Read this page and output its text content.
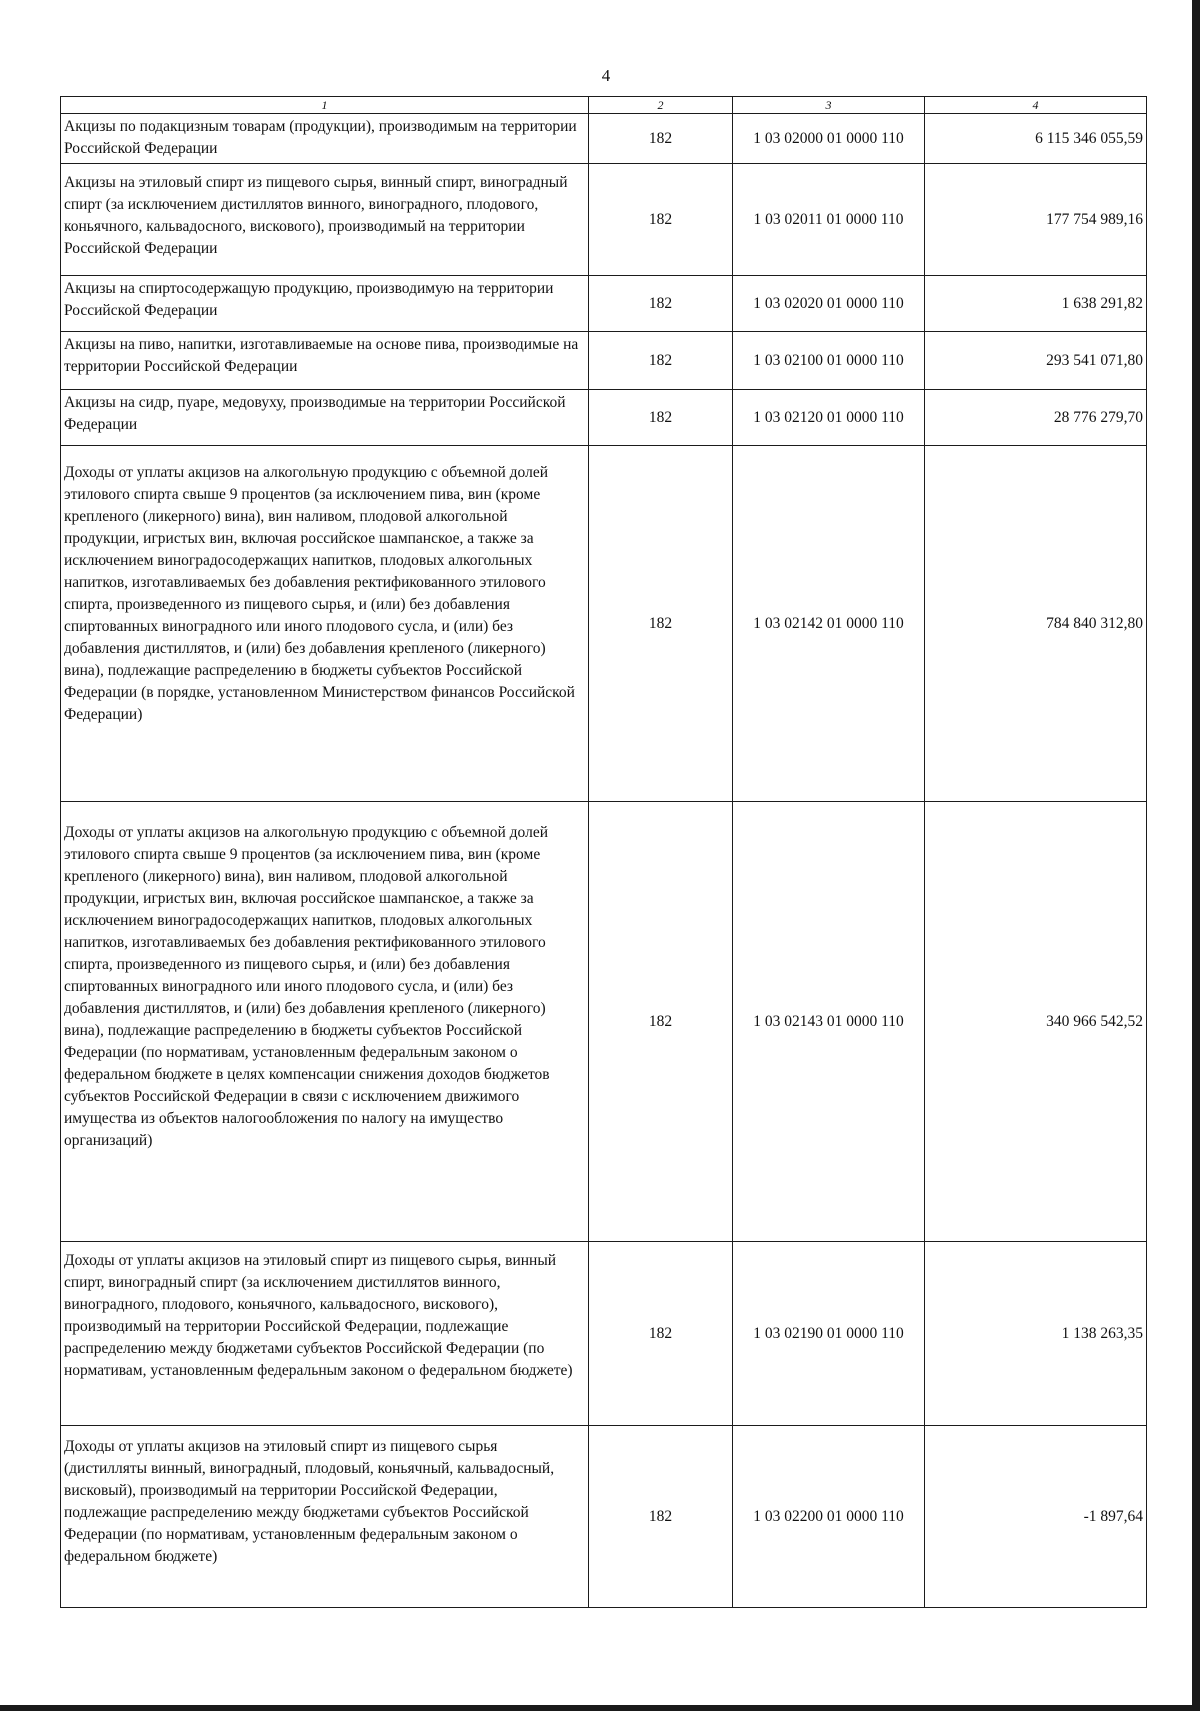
4
1	2	3	4

Акцизы по подакцизным товарам (продукции), производимым на территории Российской Федерации	182	1 03 02000 01 0000 110	6 115 346 055,59

Акцизы на этиловый спирт из пищевого сырья, винный спирт, виноградный спирт (за исключением дистиллятов винного, виноградного, плодового, коньячного, кальвадосного, вискового), производимый на территории Российской Федерации	182	1 03 02011 01 0000 110	177 754 989,16

Акцизы на спиртосодержащую продукцию, производимую на территории Российской Федерации	182	1 03 02020 01 0000 110	1 638 291,82

Акцизы на пиво, напитки, изготавливаемые на основе пива, производимые на территории Российской Федерации	182	1 03 02100 01 0000 110	293 541 071,80

Акцизы на сидр, пуаре, медовуху, производимые на территории Российской Федерации	182	1 03 02120 01 0000 110	28 776 279,70

Доходы от уплаты акцизов на алкогольную продукцию с объемной долей этилового спирта свыше 9 процентов (за исключением пива, вин (кроме крепленого (ликерного) вина), вин наливом, плодовой алкогольной продукции, игристых вин, включая российское шампанское, а также за исключением виноградосодержащих напитков, плодовых алкогольных напитков, изготавливаемых без добавления ректификованного этилового спирта, произведенного из пищевого сырья, и (или) без добавления спиртованных виноградного или иного плодового сусла, и (или) без добавления дистиллятов, и (или) без добавления крепленого (ликерного) вина), подлежащие распределению в бюджеты субъектов Российской Федерации (в порядке, установленном Министерством финансов Российской Федерации)	182	1 03 02142 01 0000 110	784 840 312,80

Доходы от уплаты акцизов на алкогольную продукцию с объемной долей этилового спирта свыше 9 процентов (за исключением пива, вин (кроме крепленого (ликерного) вина), вин наливом, плодовой алкогольной продукции, игристых вин, включая российское шампанское, а также за исключением виноградосодержащих напитков, плодовых алкогольных напитков, изготавливаемых без добавления ректификованного этилового спирта, произведенного из пищевого сырья, и (или) без добавления спиртованных виноградного или иного плодового сусла, и (или) без добавления дистиллятов, и (или) без добавления крепленого (ликерного) вина), подлежащие распределению в бюджеты субъектов Российской Федерации (по нормативам, установленным федеральным законом о федеральном бюджете в целях компенсации снижения доходов бюджетов субъектов Российской Федерации в связи с исключением движимого имущества из объектов налогообложения по налогу на имущество организаций)	182	1 03 02143 01 0000 110	340 966 542,52

Доходы от уплаты акцизов на этиловый спирт из пищевого сырья, винный спирт, виноградный спирт (за исключением дистиллятов винного, виноградного, плодового, коньячного, кальвадосного, вискового), производимый на территории Российской Федерации, подлежащие распределению между бюджетами субъектов Российской Федерации (по нормативам, установленным федеральным законом о федеральном бюджете)	182	1 03 02190 01 0000 110	1 138 263,35

Доходы от уплаты акцизов на этиловый спирт из пищевого сырья (дистилляты винный, виноградный, плодовый, коньячный, кальвадосный, висковый), производимый на территории Российской Федерации, подлежащие распределению между бюджетами субъектов Российской Федерации (по нормативам, установленным федеральным законом о федеральном бюджете)	182	1 03 02200 01 0000 110	-1 897,64
